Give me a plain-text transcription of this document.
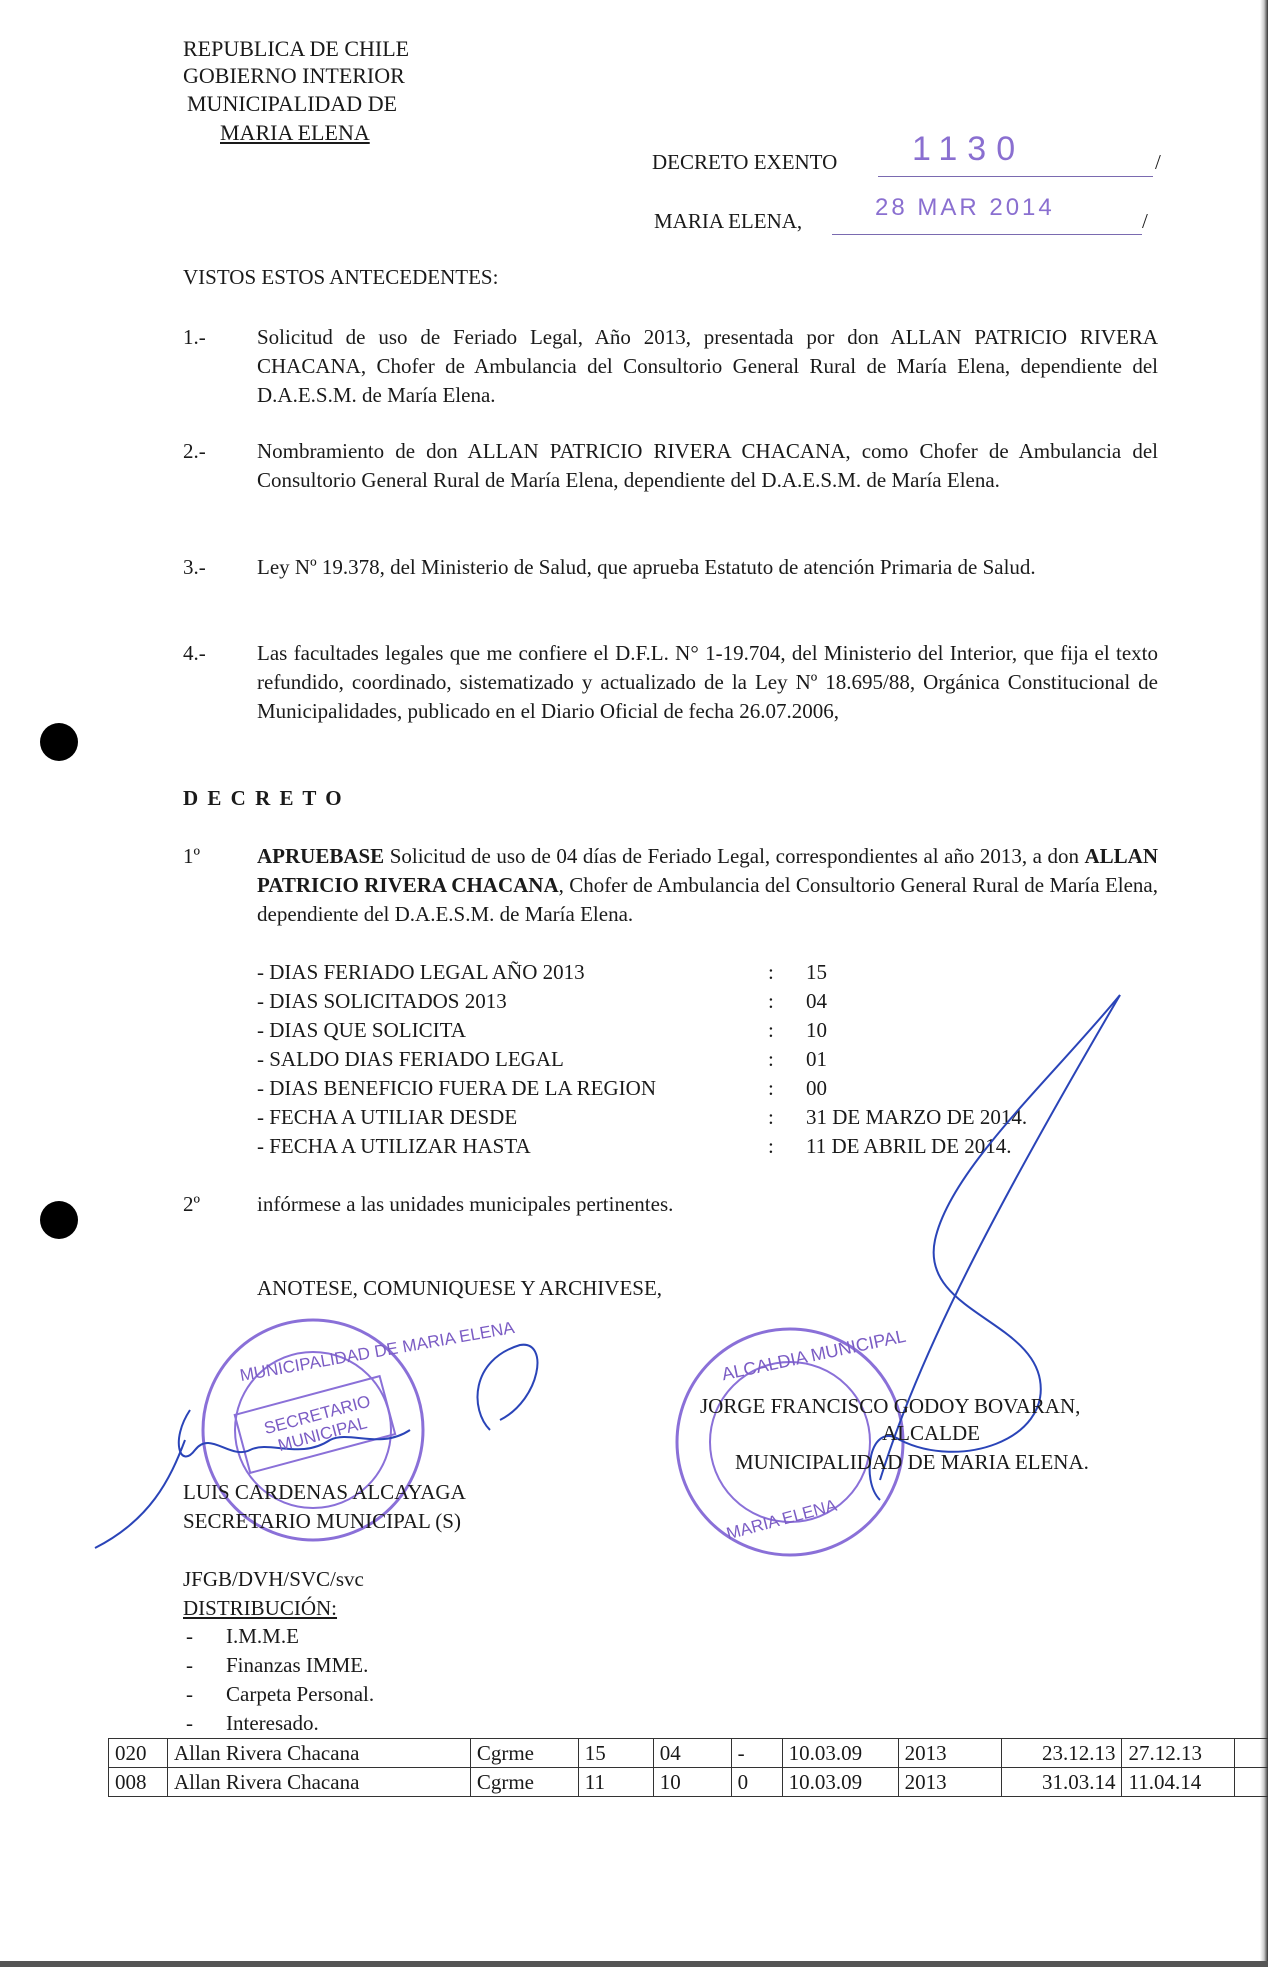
REPUBLICA DE CHILE
GOBIERNO INTERIOR
MUNICIPALIDAD DE
MARIA ELENA
DECRETO EXENTO	/
1130
MARIA ELENA,	/
28 MAR 2014
VISTOS ESTOS ANTECEDENTES:
1.- Solicitud de uso de Feriado Legal, Año 2013, presentada por don ALLAN PATRICIO RIVERA CHACANA, Chofer de Ambulancia del Consultorio General Rural de María Elena, dependiente del D.A.E.S.M. de María Elena.
2.- Nombramiento de don ALLAN PATRICIO RIVERA CHACANA, como Chofer de Ambulancia del Consultorio General Rural de María Elena, dependiente del D.A.E.S.M. de María Elena.
3.- Ley Nº 19.378, del Ministerio de Salud, que aprueba Estatuto de atención Primaria de Salud.
4.- Las facultades legales que me confiere el D.F.L. N° 1-19.704, del Ministerio del Interior, que fija el texto refundido, coordinado, sistematizado y actualizado de la Ley Nº 18.695/88, Orgánica Constitucional de Municipalidades, publicado en el Diario Oficial de fecha 26.07.2006,
D E C R E T O
1º	APRUEBASE Solicitud de uso de 04 días de Feriado Legal, correspondientes al año 2013, a don ALLAN PATRICIO RIVERA CHACANA, Chofer de Ambulancia del Consultorio General Rural de María Elena, dependiente del D.A.E.S.M. de María Elena.
- DIAS FERIADO LEGAL AÑO 2013	: 15
- DIAS SOLICITADOS 2013	: 04
- DIAS QUE SOLICITA	: 10
- SALDO DIAS FERIADO LEGAL	: 01
- DIAS BENEFICIO FUERA DE LA REGION	: 00
- FECHA A UTILIAR DESDE	: 31 DE MARZO DE 2014.
- FECHA A UTILIZAR HASTA	: 11 DE ABRIL DE 2014.
2º	infórmese a las unidades municipales pertinentes.
ANOTESE, COMUNIQUESE Y ARCHIVESE,
MUNICIPALIDAD DE MARIA ELENA
SECRETARIO MUNICIPAL
ALCALDIA MUNICIPAL
MARIA ELENA
LUIS CARDENAS ALCAYAGA
SECRETARIO MUNICIPAL (S)
JORGE FRANCISCO GODOY BOVARAN,
ALCALDE
MUNICIPALIDAD DE MARIA ELENA.
JFGB/DVH/SVC/svc
DISTRIBUCIÓN:
- I.M.M.E
- Finanzas IMME.
- Carpeta Personal.
- Interesado.
020	Allan Rivera Chacana	Cgrme	15	04	-	10.03.09	2013	23.12.13	27.12.13	
008	Allan Rivera Chacana	Cgrme	11	10	0	10.03.09	2013	31.03.14	11.04.14	
